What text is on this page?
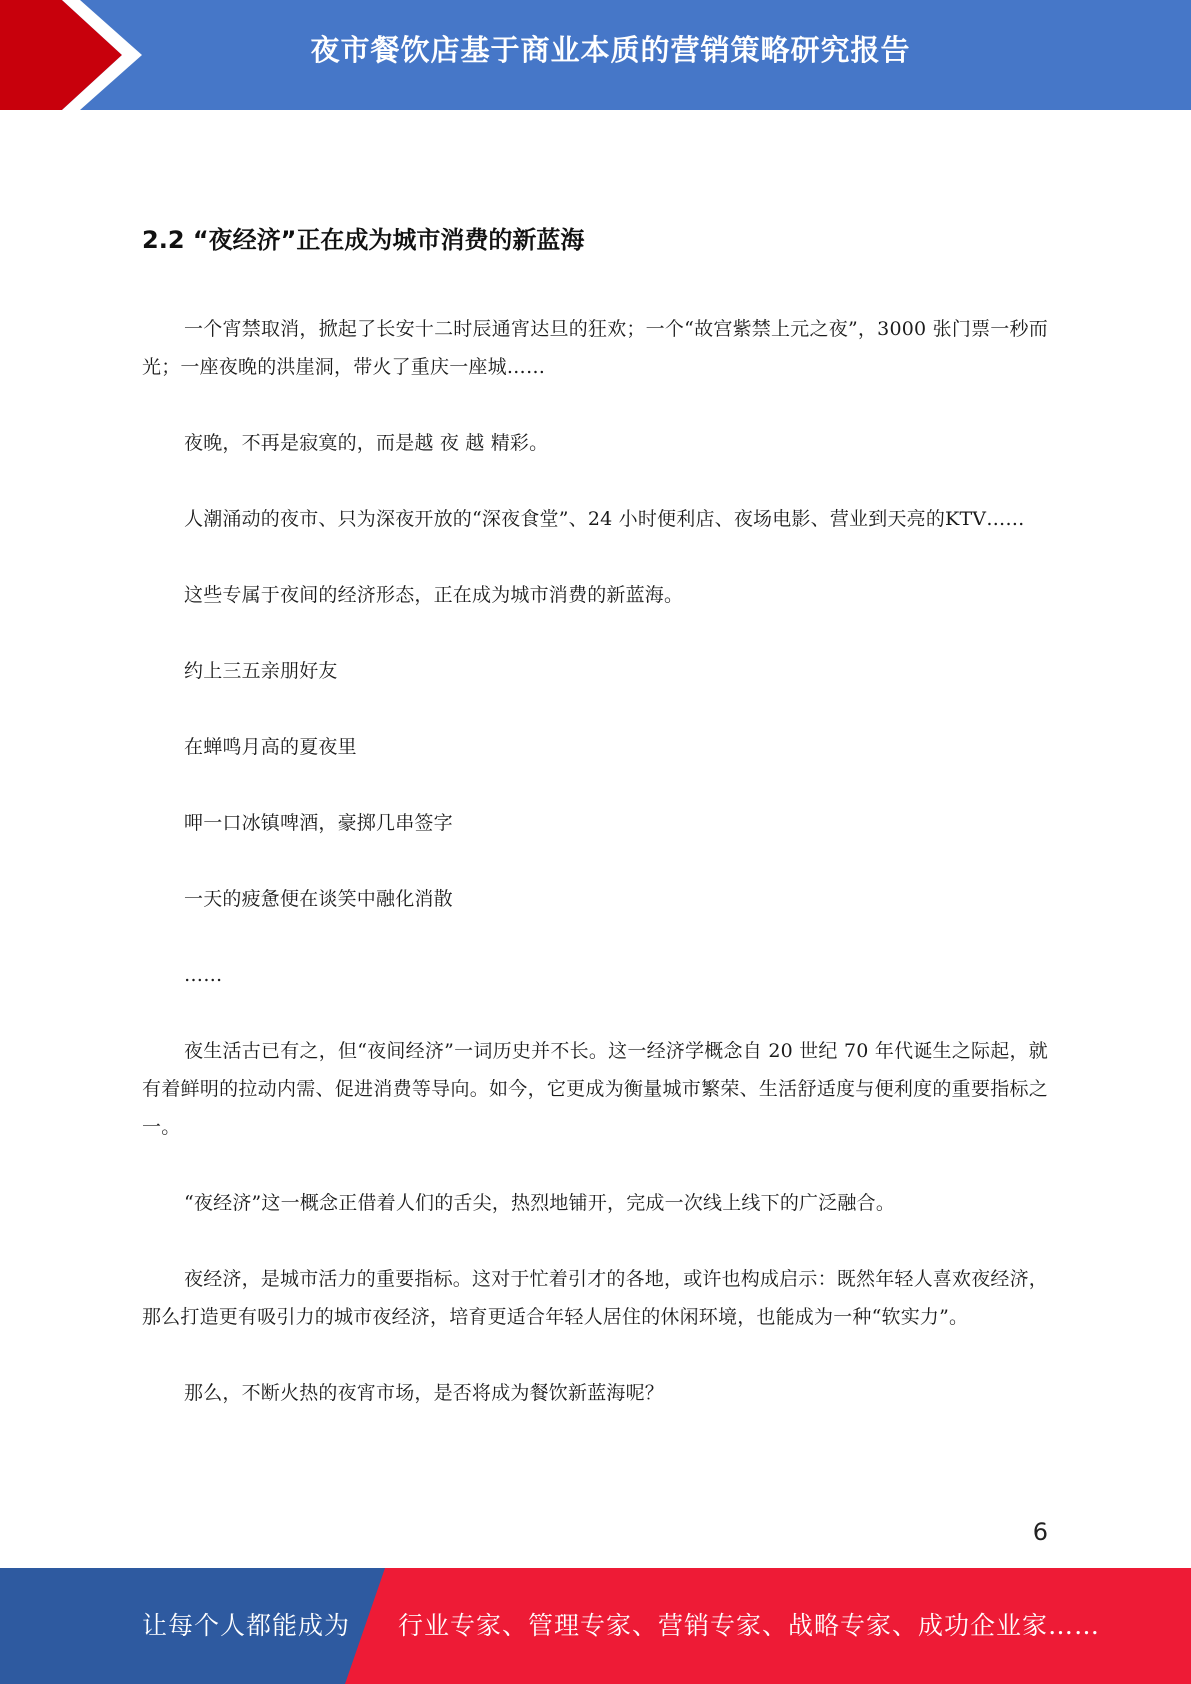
夜市餐饮店基于商业本质的营销策略研究报告
2.2 “夜经济”正在成为城市消费的新蓝海

一个宵禁取消，掀起了长安十二时辰通宵达旦的狂欢；一个“故宫紫禁上元之夜”，3000 张门票一秒而光；一座夜晚的洪崖洞，带火了重庆一座城……

夜晚，不再是寂寞的，而是越 夜 越 精彩。

人潮涌动的夜市、只为深夜开放的“深夜食堂”、24 小时便利店、夜场电影、营业到天亮的KTV……

这些专属于夜间的经济形态，正在成为城市消费的新蓝海。

约上三五亲朋好友

在蝉鸣月高的夏夜里

呷一口冰镇啤酒，豪掷几串签字

一天的疲惫便在谈笑中融化消散

……

夜生活古已有之，但“夜间经济”一词历史并不长。这一经济学概念自 20 世纪 70 年代诞生之际起，就有着鲜明的拉动内需、促进消费等导向。如今，它更成为衡量城市繁荣、生活舒适度与便利度的重要指标之一。

“夜经济”这一概念正借着人们的舌尖，热烈地铺开，完成一次线上线下的广泛融合。

夜经济，是城市活力的重要指标。这对于忙着引才的各地，或许也构成启示：既然年轻人喜欢夜经济，那么打造更有吸引力的城市夜经济，培育更适合年轻人居住的休闲环境，也能成为一种“软实力”。

那么，不断火热的夜宵市场，是否将成为餐饮新蓝海呢？

6
让每个人都能成为 行业专家、管理专家、营销专家、战略专家、成功企业家……
